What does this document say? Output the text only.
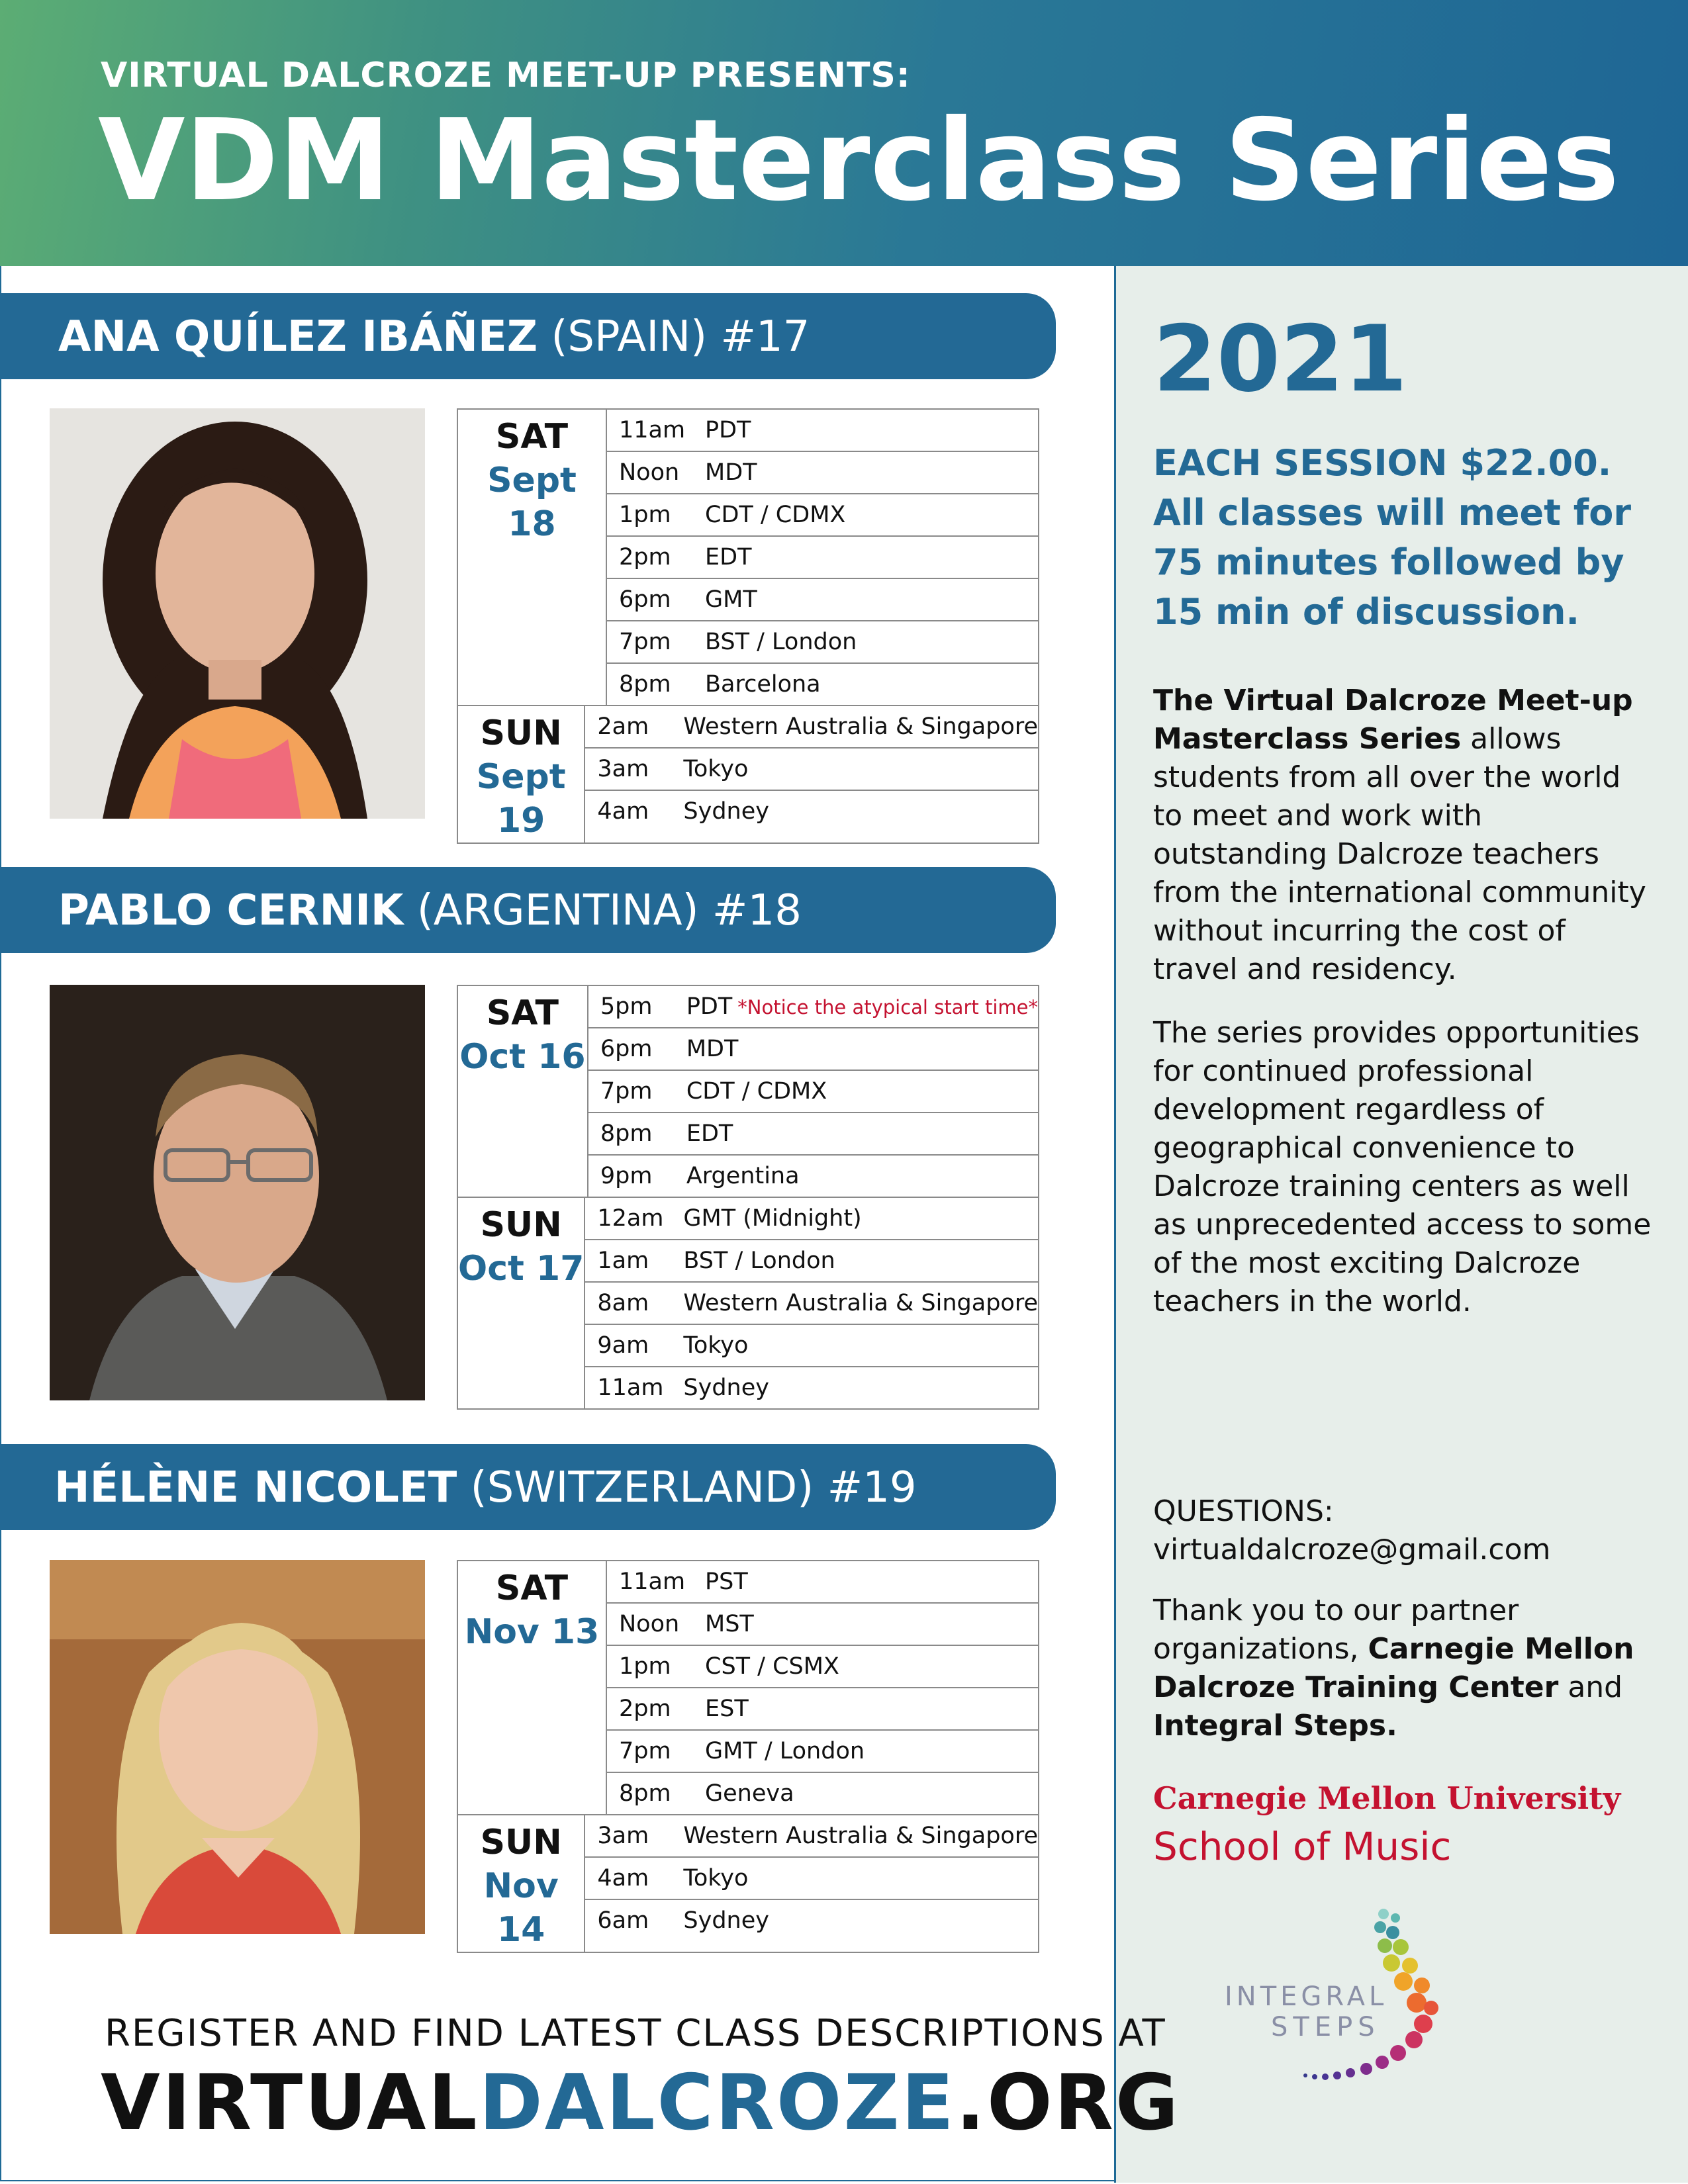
VIRTUAL DALCROZE MEET-UP PRESENTS:
VDM Masterclass Series
2021
EACH SESSION $22.00.
All classes will meet for 75 minutes followed by 15 min of discussion.

The Virtual Dalcroze Meet-up Masterclass Series allows students from all over the world to meet and work with outstanding Dalcroze teachers from the international community without incurring the cost of travel and residency.

The series provides opportunities for continued professional development regardless of geographical convenience to Dalcroze training centers as well as unprecedented access to some of the most exciting Dalcroze teachers in the world.

QUESTIONS:
virtualdalcroze@gmail.com
Thank you to our partner organizations, Carnegie Mellon Dalcroze Training Center and Integral Steps.
Carnegie Mellon University
School of Music
INTEGRAL
STEPS
ANA QUÍLEZ IBÁÑEZ (SPAIN) #17
SAT
Sept 18
11am PDT
Noon	MDT
1pm	CDT / CDMX
2pm	EDT
6pm	GMT
7pm	BST / London
8pm	Barcelona
SUN
Sept 19
2am	Western Australia & Singapore
3am	Tokyo
4am	Sydney
PABLO CERNIK (ARGENTINA) #18
SAT
Oct 16
5pm	PDT *Notice the atypical start time*
6pm	MDT
7pm	CDT / CDMX
8pm	EDT
9pm	Argentina
SUN
Oct 17
12am GMT (Midnight)
1am	BST / London
8am	Western Australia & Singapore
9am	Tokyo
11am Sydney
HÉLÈNE NICOLET (SWITZERLAND) #19
SAT
Nov 13
11am PST
Noon	MST
1pm	CST / CSMX
2pm	EST
7pm	GMT / London
8pm	Geneva
SUN
Nov 14
3am	Western Australia & Singapore
4am	Tokyo
6am	Sydney
REGISTER AND FIND LATEST CLASS DESCRIPTIONS AT
VIRTUALDALCROZE.ORG
